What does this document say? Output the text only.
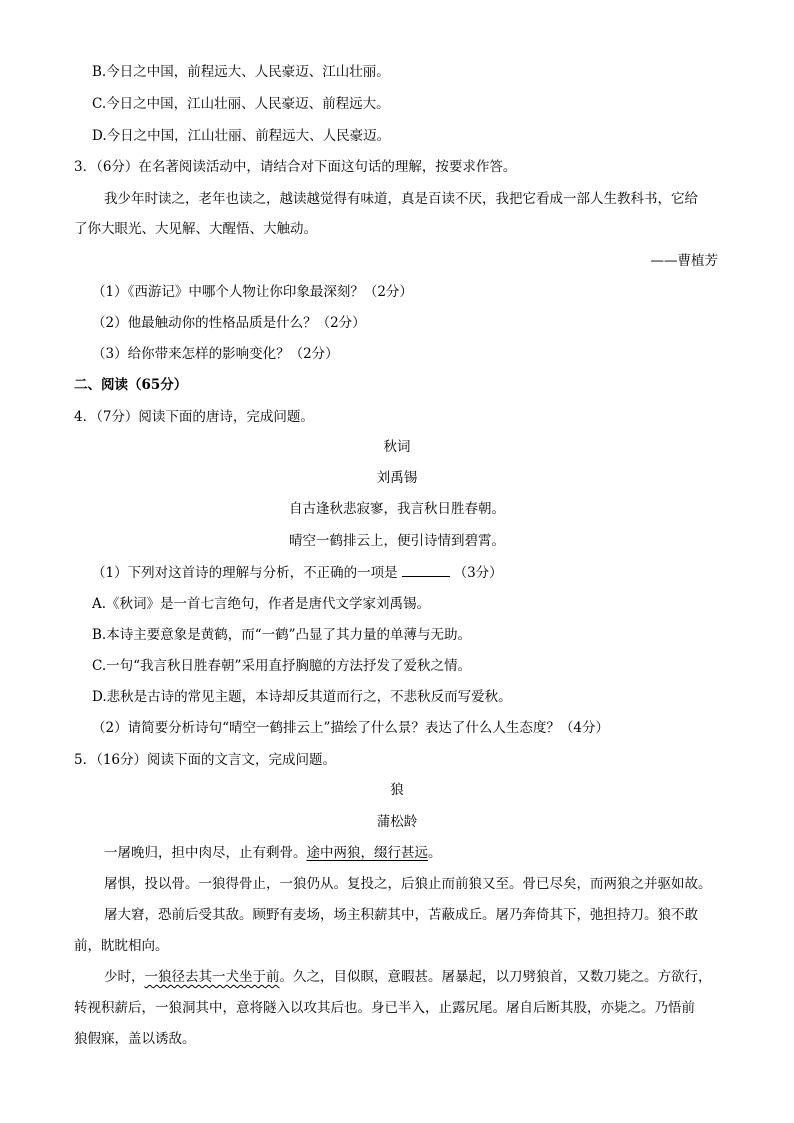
B.今日之中国，前程远大、人民豪迈、江山壮丽。
C.今日之中国，江山壮丽、人民豪迈、前程远大。
D.今日之中国，江山壮丽、前程远大、人民豪迈。
3．（6分）在名著阅读活动中，请结合对下面这句话的理解，按要求作答。
我少年时读之，老年也读之，越读越觉得有味道，真是百读不厌，我把它看成一部人生教科书，它给
了你大眼光、大见解、大醒悟、大触动。
——曹植芳
（1）《西游记》中哪个人物让你印象最深刻？（2分）
（2）他最触动你的性格品质是什么？（2分）
（3）给你带来怎样的影响变化？（2分）
二、阅读（65分）
4．（7分）阅读下面的唐诗，完成问题。
秋词
刘禹锡
自古逢秋悲寂寥，我言秋日胜春朝。
晴空一鹤排云上，便引诗情到碧霄。
（1）下列对这首诗的理解与分析，不正确的一项是	（3分）
A.《秋词》是一首七言绝句，作者是唐代文学家刘禹锡。
B.本诗主要意象是黄鹤，而“一鹤”凸显了其力量的单薄与无助。
C.一句“我言秋日胜春朝”采用直抒胸臆的方法抒发了爱秋之情。
D.悲秋是古诗的常见主题，本诗却反其道而行之，不悲秋反而写爱秋。
（2）请简要分析诗句“晴空一鹤排云上”描绘了什么景？表达了什么人生态度？（4分）
5．（16分）阅读下面的文言文，完成问题。
狼
蒲松龄
一屠晚归，担中肉尽，止有剩骨。途中两狼，缀行甚远。
屠惧，投以骨。一狼得骨止，一狼仍从。复投之，后狼止而前狼又至。骨已尽矣，而两狼之并驱如故。
屠大窘，恐前后受其敌。顾野有麦场，场主积薪其中，苫蔽成丘。屠乃奔倚其下，弛担持刀。狼不敢
前，眈眈相向。
少时，一狼径去其一犬坐于前。久之，目似瞑，意暇甚。屠暴起，以刀劈狼首，又数刀毙之。方欲行，
转视积薪后，一狼洞其中，意将隧入以攻其后也。身已半入，止露尻尾。屠自后断其股，亦毙之。乃悟前
狼假寐，盖以诱敌。
